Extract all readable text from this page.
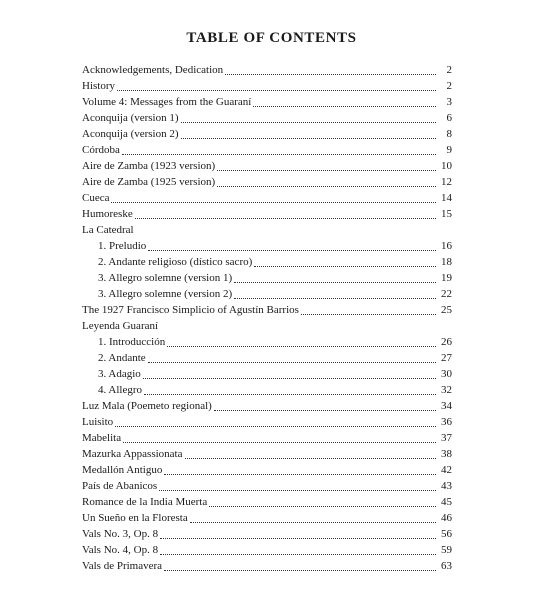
TABLE OF CONTENTS
Acknowledgements, Dedication	2
History	2
Volume 4: Messages from the Guaraní	3
Aconquija (version 1)	6
Aconquija (version 2)	8
Córdoba	9
Aire de Zamba (1923 version)	10
Aire de Zamba (1925 version)	12
Cueca	14
Humoreske	15
La Catedral
1. Preludio	16
2. Andante religioso (dístico sacro)	18
3. Allegro solemne (version 1)	19
3. Allegro solemne (version 2)	22
The 1927 Francisco Simplicio of Agustín Barrios	25
Leyenda Guaraní
1. Introducción	26
2. Andante	27
3. Adagio	30
4. Allegro	32
Luz Mala (Poemeto regional)	34
Luisito	36
Mabelita	37
Mazurka Appassionata	38
Medallón Antiguo	42
País de Abanicos	43
Romance de la India Muerta	45
Un Sueño en la Floresta	46
Vals No. 3, Op. 8	56
Vals No. 4, Op. 8	59
Vals de Primavera	63
